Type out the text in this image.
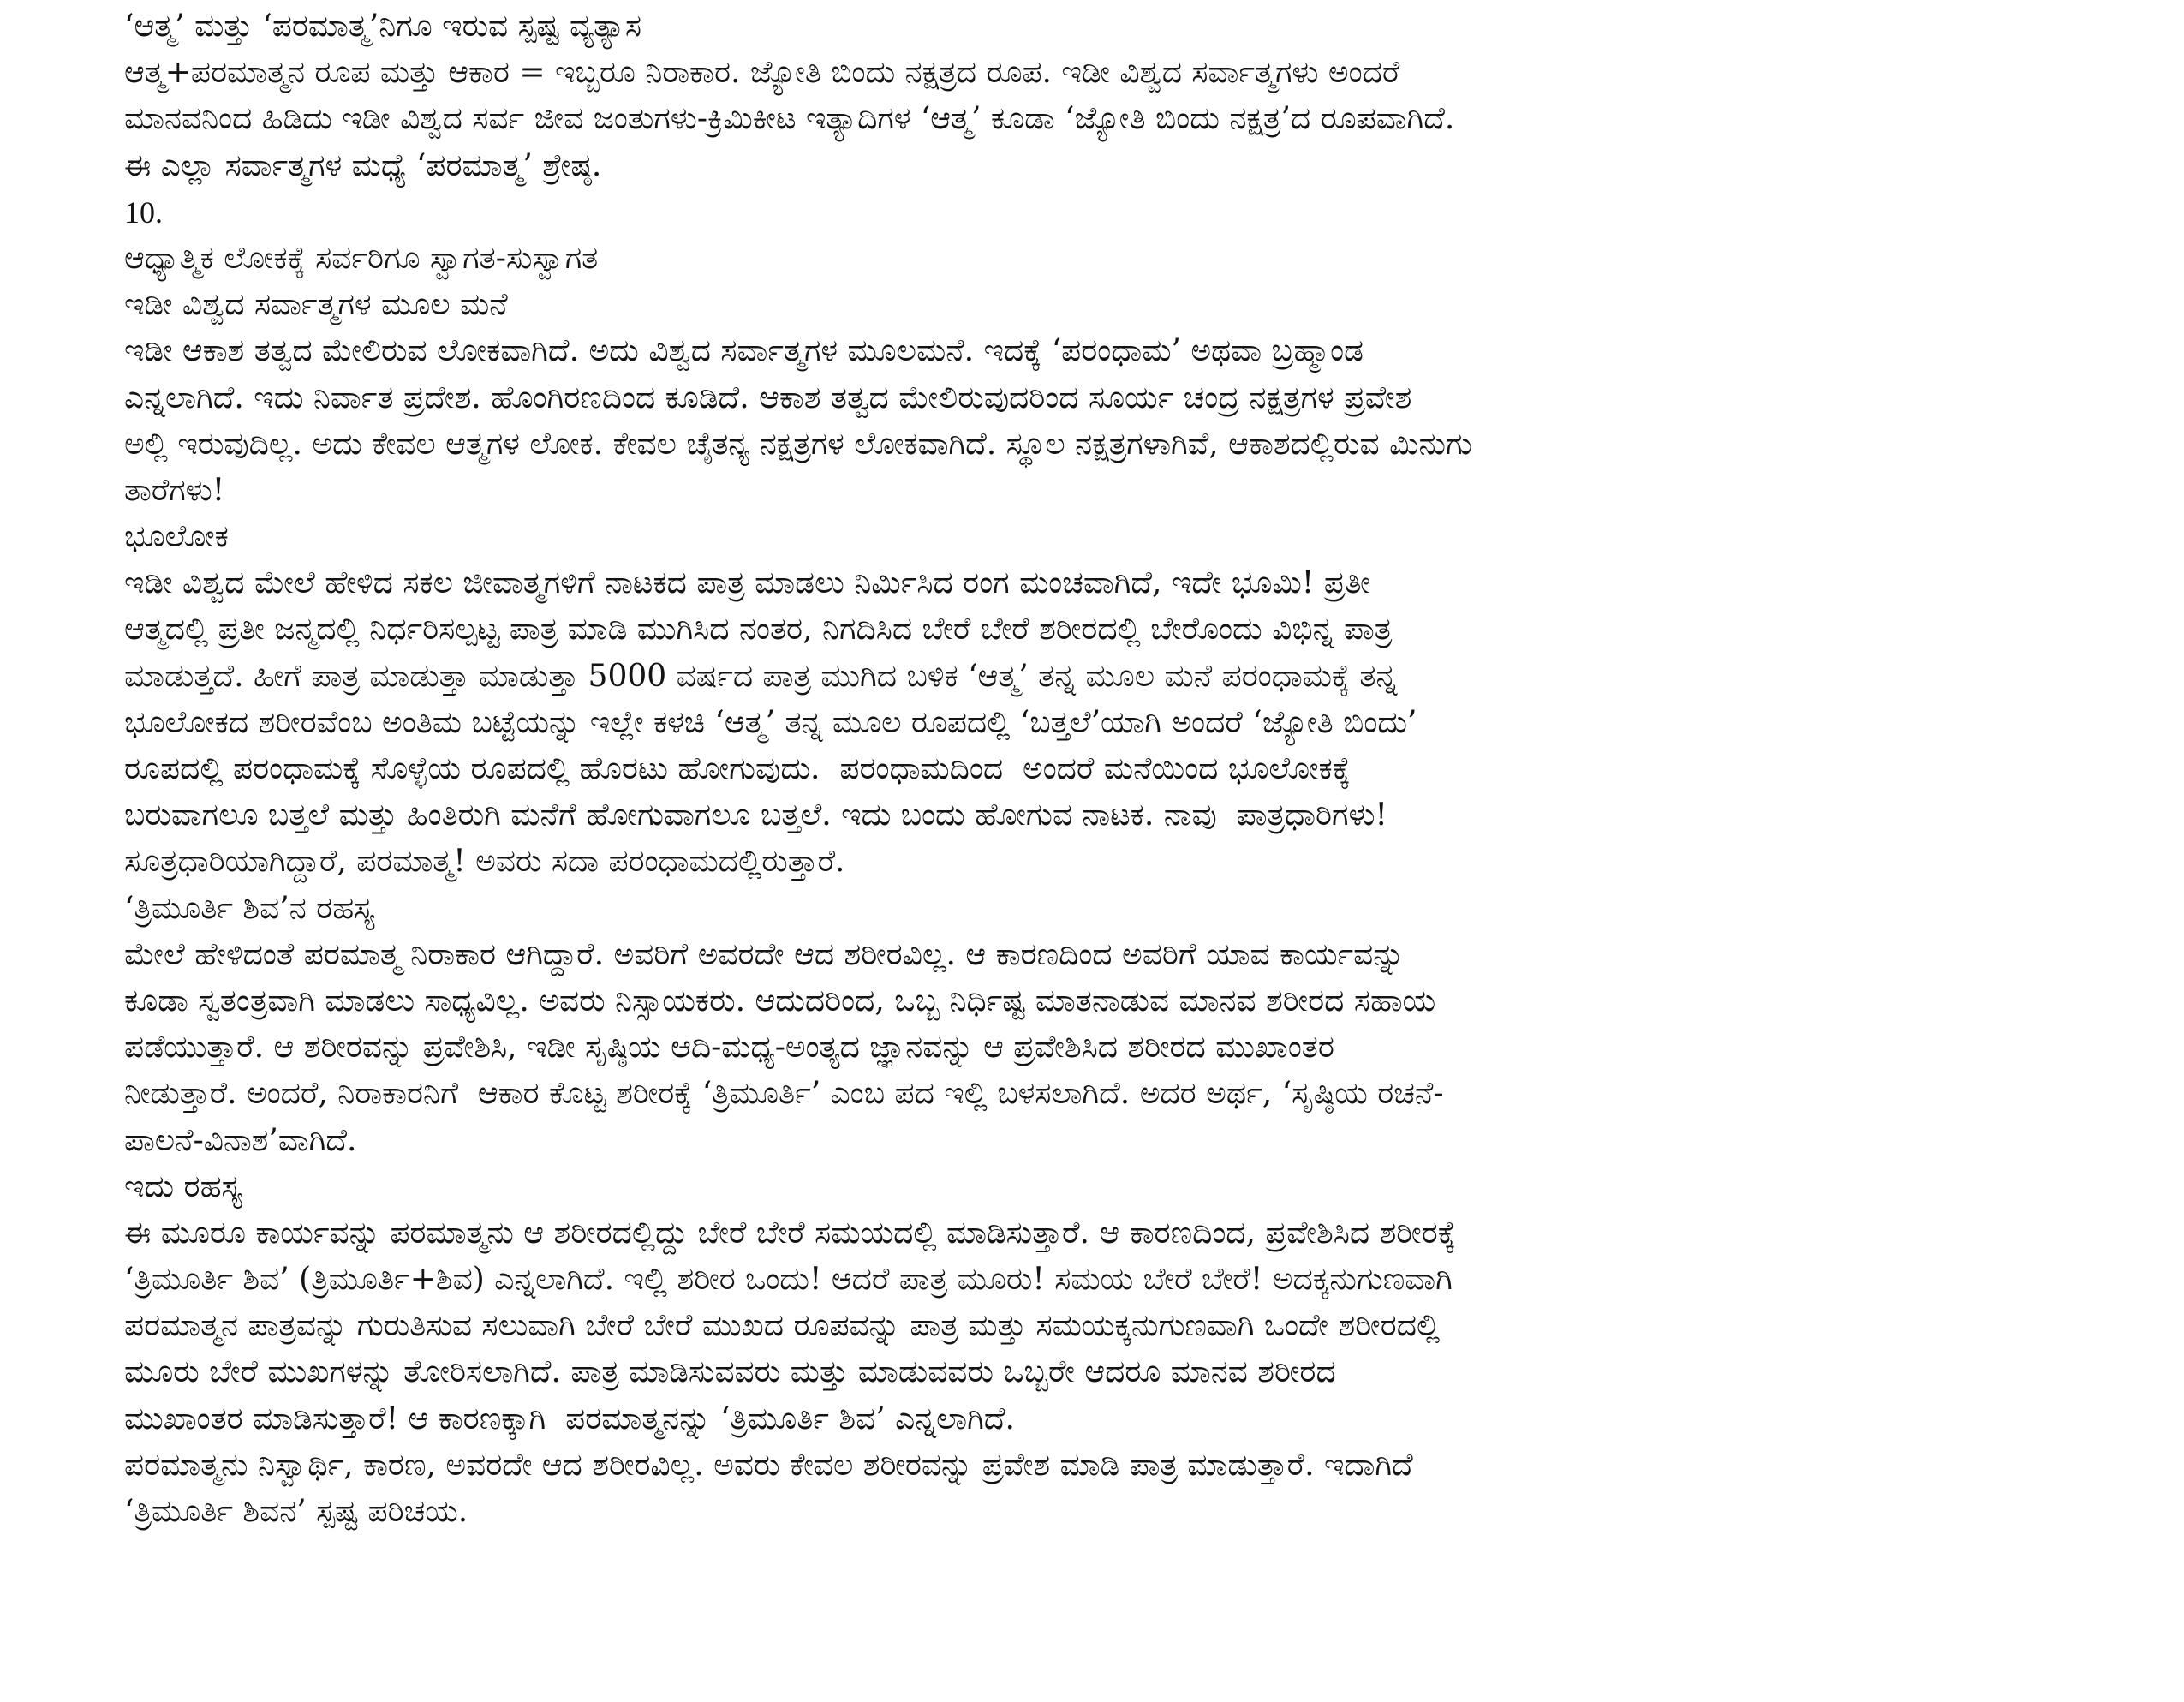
‘ಆತ್ಮ’ ಮತ್ತು ‘ಪರಮಾತ್ಮ’ನಿಗೂ ಇರುವ ಸ್ಪಷ್ಟ ವ್ಯತ್ಯಾಸ
ಆತ್ಮ+ಪರಮಾತ್ಮನ ರೂಪ ಮತ್ತು ಆಕಾರ = ಇಬ್ಬರೂ ನಿರಾಕಾರ. ಜ್ಯೋತಿ ಬಿಂದು ನಕ್ಷತ್ರದ ರೂಪ. ಇಡೀ ವಿಶ್ವದ ಸರ್ವಾತ್ಮಗಳು ಅಂದರೆ
ಮಾನವನಿಂದ ಹಿಡಿದು ಇಡೀ ವಿಶ್ವದ ಸರ್ವ ಜೀವ ಜಂತುಗಳು-ಕ್ರಿಮಿಕೀಟ ಇತ್ಯಾದಿಗಳ ‘ಆತ್ಮ’ ಕೂಡಾ ‘ಜ್ಯೋತಿ ಬಿಂದು ನಕ್ಷತ್ರ’ದ ರೂಪವಾಗಿದೆ.
ಈ ಎಲ್ಲಾ ಸರ್ವಾತ್ಮಗಳ ಮಧ್ಯೆ ‘ಪರಮಾತ್ಮ’ ಶ್ರೇಷ್ಠ.
10.
ಆಧ್ಯಾತ್ಮಿಕ ಲೋಕಕ್ಕೆ ಸರ್ವರಿಗೂ ಸ್ವಾಗತ-ಸುಸ್ವಾಗತ
ಇಡೀ ವಿಶ್ವದ ಸರ್ವಾತ್ಮಗಳ ಮೂಲ ಮನೆ
ಇಡೀ ಆಕಾಶ ತತ್ವದ ಮೇಲಿರುವ ಲೋಕವಾಗಿದೆ. ಅದು ವಿಶ್ವದ ಸರ್ವಾತ್ಮಗಳ ಮೂಲಮನೆ. ಇದಕ್ಕೆ ‘ಪರಂಧಾಮ’ ಅಥವಾ ಬ್ರಹ್ಮಾಂಡ
ಎನ್ನಲಾಗಿದೆ. ಇದು ನಿರ್ವಾತ ಪ್ರದೇಶ. ಹೊಂಗಿರಣದಿಂದ ಕೂಡಿದೆ. ಆಕಾಶ ತತ್ವದ ಮೇಲಿರುವುದರಿಂದ ಸೂರ್ಯ ಚಂದ್ರ ನಕ್ಷತ್ರಗಳ ಪ್ರವೇಶ
ಅಲ್ಲಿ ಇರುವುದಿಲ್ಲ. ಅದು ಕೇವಲ ಆತ್ಮಗಳ ಲೋಕ. ಕೇವಲ ಚೈತನ್ಯ ನಕ್ಷತ್ರಗಳ ಲೋಕವಾಗಿದೆ. ಸ್ಥೂಲ ನಕ್ಷತ್ರಗಳಾಗಿವೆ, ಆಕಾಶದಲ್ಲಿರುವ ಮಿನುಗು
ತಾರೆಗಳು!
ಭೂಲೋಕ
ಇಡೀ ವಿಶ್ವದ ಮೇಲೆ ಹೇಳಿದ ಸಕಲ ಜೀವಾತ್ಮಗಳಿಗೆ ನಾಟಕದ ಪಾತ್ರ ಮಾಡಲು ನಿರ್ಮಿಸಿದ ರಂಗ ಮಂಚವಾಗಿದೆ, ಇದೇ ಭೂಮಿ! ಪ್ರತೀ
ಆತ್ಮದಲ್ಲಿ ಪ್ರತೀ ಜನ್ಮದಲ್ಲಿ ನಿರ್ಧರಿಸಲ್ಪಟ್ಟ ಪಾತ್ರ ಮಾಡಿ ಮುಗಿಸಿದ ನಂತರ, ನಿಗದಿಸಿದ ಬೇರೆ ಬೇರೆ ಶರೀರದಲ್ಲಿ ಬೇರೊಂದು ವಿಭಿನ್ನ ಪಾತ್ರ
ಮಾಡುತ್ತದೆ. ಹೀಗೆ ಪಾತ್ರ ಮಾಡುತ್ತಾ ಮಾಡುತ್ತಾ 5000 ವರ್ಷದ ಪಾತ್ರ ಮುಗಿದ ಬಳಿಕ ‘ಆತ್ಮ’ ತನ್ನ ಮೂಲ ಮನೆ ಪರಂಧಾಮಕ್ಕೆ ತನ್ನ
ಭೂಲೋಕದ ಶರೀರವೆಂಬ ಅಂತಿಮ ಬಟ್ಟೆಯನ್ನು ಇಲ್ಲೇ ಕಳಚಿ ‘ಆತ್ಮ’ ತನ್ನ ಮೂಲ ರೂಪದಲ್ಲಿ ‘ಬತ್ತಲೆ’ಯಾಗಿ ಅಂದರೆ ‘ಜ್ಯೋತಿ ಬಿಂದು’
ರೂಪದಲ್ಲಿ ಪರಂಧಾಮಕ್ಕೆ ಸೊಳ್ಳೆಯ ರೂಪದಲ್ಲಿ ಹೊರಟು ಹೋಗುವುದು.  ಪರಂಧಾಮದಿಂದ  ಅಂದರೆ ಮನೆಯಿಂದ ಭೂಲೋಕಕ್ಕೆ
ಬರುವಾಗಲೂ ಬತ್ತಲೆ ಮತ್ತು ಹಿಂತಿರುಗಿ ಮನೆಗೆ ಹೋಗುವಾಗಲೂ ಬತ್ತಲೆ. ಇದು ಬಂದು ಹೋಗುವ ನಾಟಕ. ನಾವು  ಪಾತ್ರಧಾರಿಗಳು!
ಸೂತ್ರಧಾರಿಯಾಗಿದ್ದಾರೆ, ಪರಮಾತ್ಮ! ಅವರು ಸದಾ ಪರಂಧಾಮದಲ್ಲಿರುತ್ತಾರೆ.
‘ತ್ರಿಮೂರ್ತಿ ಶಿವ’ನ ರಹಸ್ಯ
ಮೇಲೆ ಹೇಳಿದಂತೆ ಪರಮಾತ್ಮ ನಿರಾಕಾರ ಆಗಿದ್ದಾರೆ. ಅವರಿಗೆ ಅವರದೇ ಆದ ಶರೀರವಿಲ್ಲ. ಆ ಕಾರಣದಿಂದ ಅವರಿಗೆ ಯಾವ ಕಾರ್ಯವನ್ನು
ಕೂಡಾ ಸ್ವತಂತ್ರವಾಗಿ ಮಾಡಲು ಸಾಧ್ಯವಿಲ್ಲ. ಅವರು ನಿಸ್ಸಾಯಕರು. ಆದುದರಿಂದ, ಒಬ್ಬ ನಿರ್ಧಿಷ್ಟ ಮಾತನಾಡುವ ಮಾನವ ಶರೀರದ ಸಹಾಯ
ಪಡೆಯುತ್ತಾರೆ. ಆ ಶರೀರವನ್ನು ಪ್ರವೇಶಿಸಿ, ಇಡೀ ಸೃಷ್ಠಿಯ ಆದಿ-ಮಧ್ಯ-ಅಂತ್ಯದ ಜ್ಞಾನವನ್ನು ಆ ಪ್ರವೇಶಿಸಿದ ಶರೀರದ ಮುಖಾಂತರ
ನೀಡುತ್ತಾರೆ. ಅಂದರೆ, ನಿರಾಕಾರನಿಗೆ  ಆಕಾರ ಕೊಟ್ಟ ಶರೀರಕ್ಕೆ ‘ತ್ರಿಮೂರ್ತಿ’ ಎಂಬ ಪದ ಇಲ್ಲಿ ಬಳಸಲಾಗಿದೆ. ಅದರ ಅರ್ಥ, ‘ಸೃಷ್ಠಿಯ ರಚನೆ-
ಪಾಲನೆ-ವಿನಾಶ’ವಾಗಿದೆ.
ಇದು ರಹಸ್ಯ
ಈ ಮೂರೂ ಕಾರ್ಯವನ್ನು ಪರಮಾತ್ಮನು ಆ ಶರೀರದಲ್ಲಿದ್ದು ಬೇರೆ ಬೇರೆ ಸಮಯದಲ್ಲಿ ಮಾಡಿಸುತ್ತಾರೆ. ಆ ಕಾರಣದಿಂದ, ಪ್ರವೇಶಿಸಿದ ಶರೀರಕ್ಕೆ
‘ತ್ರಿಮೂರ್ತಿ ಶಿವ’ (ತ್ರಿಮೂರ್ತಿ+ಶಿವ) ಎನ್ನಲಾಗಿದೆ. ಇಲ್ಲಿ ಶರೀರ ಒಂದು! ಆದರೆ ಪಾತ್ರ ಮೂರು! ಸಮಯ ಬೇರೆ ಬೇರೆ! ಅದಕ್ಕನುಗುಣವಾಗಿ
ಪರಮಾತ್ಮನ ಪಾತ್ರವನ್ನು ಗುರುತಿಸುವ ಸಲುವಾಗಿ ಬೇರೆ ಬೇರೆ ಮುಖದ ರೂಪವನ್ನು ಪಾತ್ರ ಮತ್ತು ಸಮಯಕ್ಕನುಗುಣವಾಗಿ ಒಂದೇ ಶರೀರದಲ್ಲಿ
ಮೂರು ಬೇರೆ ಮುಖಗಳನ್ನು ತೋರಿಸಲಾಗಿದೆ. ಪಾತ್ರ ಮಾಡಿಸುವವರು ಮತ್ತು ಮಾಡುವವರು ಒಬ್ಬರೇ ಆದರೂ ಮಾನವ ಶರೀರದ
ಮುಖಾಂತರ ಮಾಡಿಸುತ್ತಾರೆ! ಆ ಕಾರಣಕ್ಕಾಗಿ  ಪರಮಾತ್ಮನನ್ನು ‘ತ್ರಿಮೂರ್ತಿ ಶಿವ’ ಎನ್ನಲಾಗಿದೆ.
ಪರಮಾತ್ಮನು ನಿಸ್ವಾರ್ಥಿ, ಕಾರಣ, ಅವರದೇ ಆದ ಶರೀರವಿಲ್ಲ. ಅವರು ಕೇವಲ ಶರೀರವನ್ನು ಪ್ರವೇಶ ಮಾಡಿ ಪಾತ್ರ ಮಾಡುತ್ತಾರೆ. ಇದಾಗಿದೆ
‘ತ್ರಿಮೂರ್ತಿ ಶಿವನ’ ಸ್ಪಷ್ಟ ಪರಿಚಯ.
